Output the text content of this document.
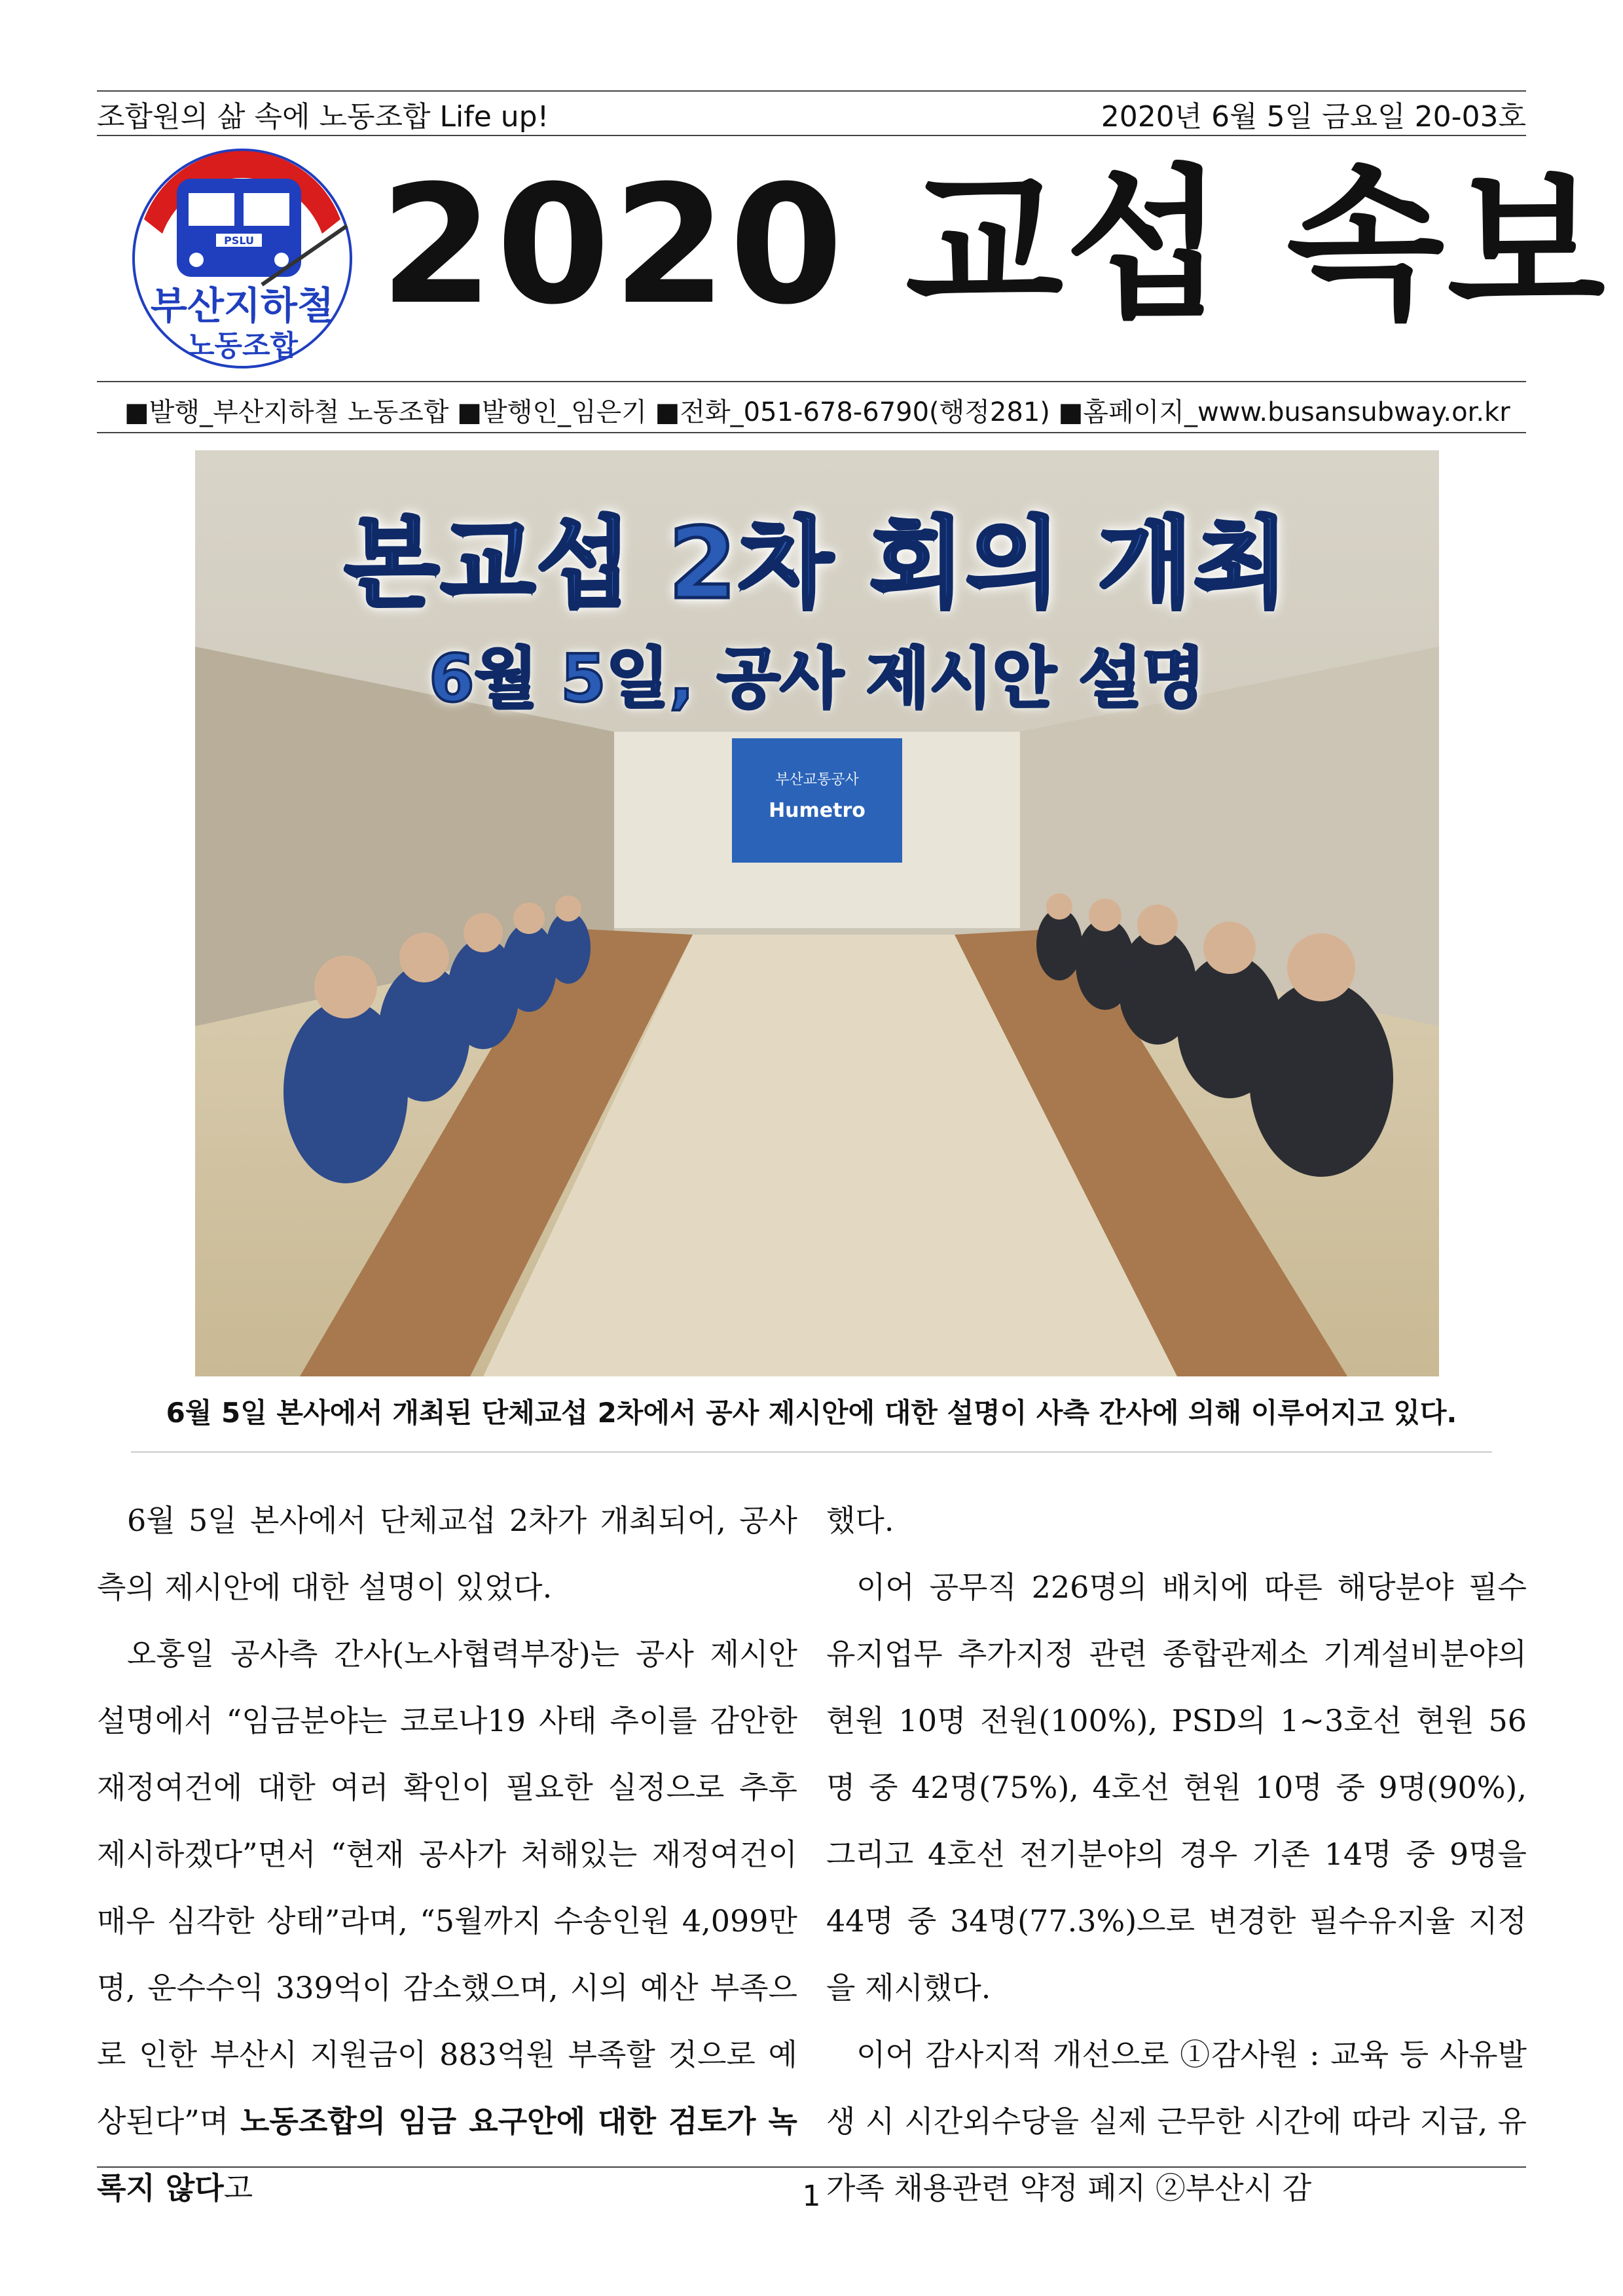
조합원의 삶 속에 노동조합 Life up!	2020년 6월 5일 금요일 20-03호
PSLU
부산지하철
노동조합
2020 교섭 속보
■발행_부산지하철 노동조합 ■발행인_임은기 ■전화_051-678-6790(행정281) ■홈페이지_www.busansubway.or.kr
부산교통공사
Humetro
본교섭 2차 회의 개최
6월 5일, 공사 제시안 설명
6월 5일 본사에서 개최된 단체교섭 2차에서 공사 제시안에 대한 설명이 사측 간사에 의해 이루어지고 있다.

6월 5일 본사에서 단체교섭 2차가 개최되어, 공사측의 제시안에 대한 설명이 있었다.

오홍일 공사측 간사(노사협력부장)는 공사 제시안 설명에서 “임금분야는 코로나19 사태 추이를 감안한 재정여건에 대한 여러 확인이 필요한 실정으로 추후 제시하겠다”면서 “현재 공사가 처해있는 재정여건이 매우 심각한 상태”라며, “5월까지 수송인원 4,099만명, 운수수익 339억이 감소했으며, 시의 예산 부족으로 인한 부산시 지원금이 883억원 부족할 것으로 예상된다”며 노동조합의 임금 요구안에 대한 검토가 녹록지 않다고

했다.

이어 공무직 226명의 배치에 따른 해당분야 필수 유지업무 추가지정 관련 종합관제소 기계설비분야의 현원 10명 전원(100%), PSD의 1~3호선 현원 56명 중 42명(75%), 4호선 현원 10명 중 9명(90%), 그리고 4호선 전기분야의 경우 기존 14명 중 9명을 44명 중 34명(77.3%)으로 변경한 필수유지율 지정을 제시했다.

이어 감사지적 개선으로 ①감사원 : 교육 등 사유발생 시 시간외수당을 실제 근무한 시간에 따라 지급, 유가족 채용관련 약정 폐지 ②부산시 감

1
